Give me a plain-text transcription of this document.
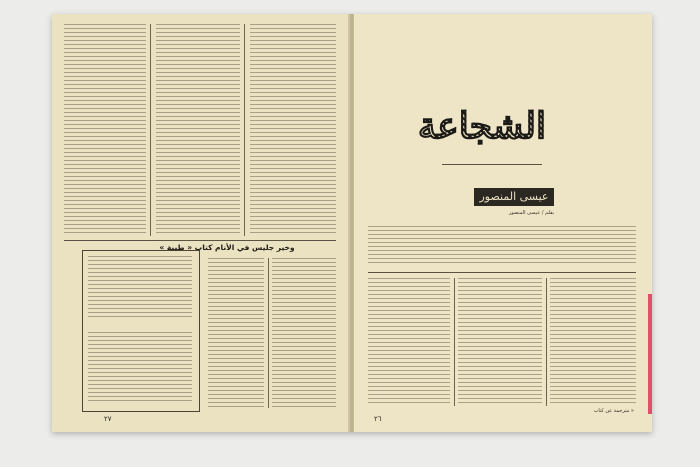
وخير جليس في الأنام كتاب « طيبة »
٢٧
الشجاعة
عيسى المنصور
بقلم / عيسى المنصور
« مترجمة عن كتاب
٢٦
